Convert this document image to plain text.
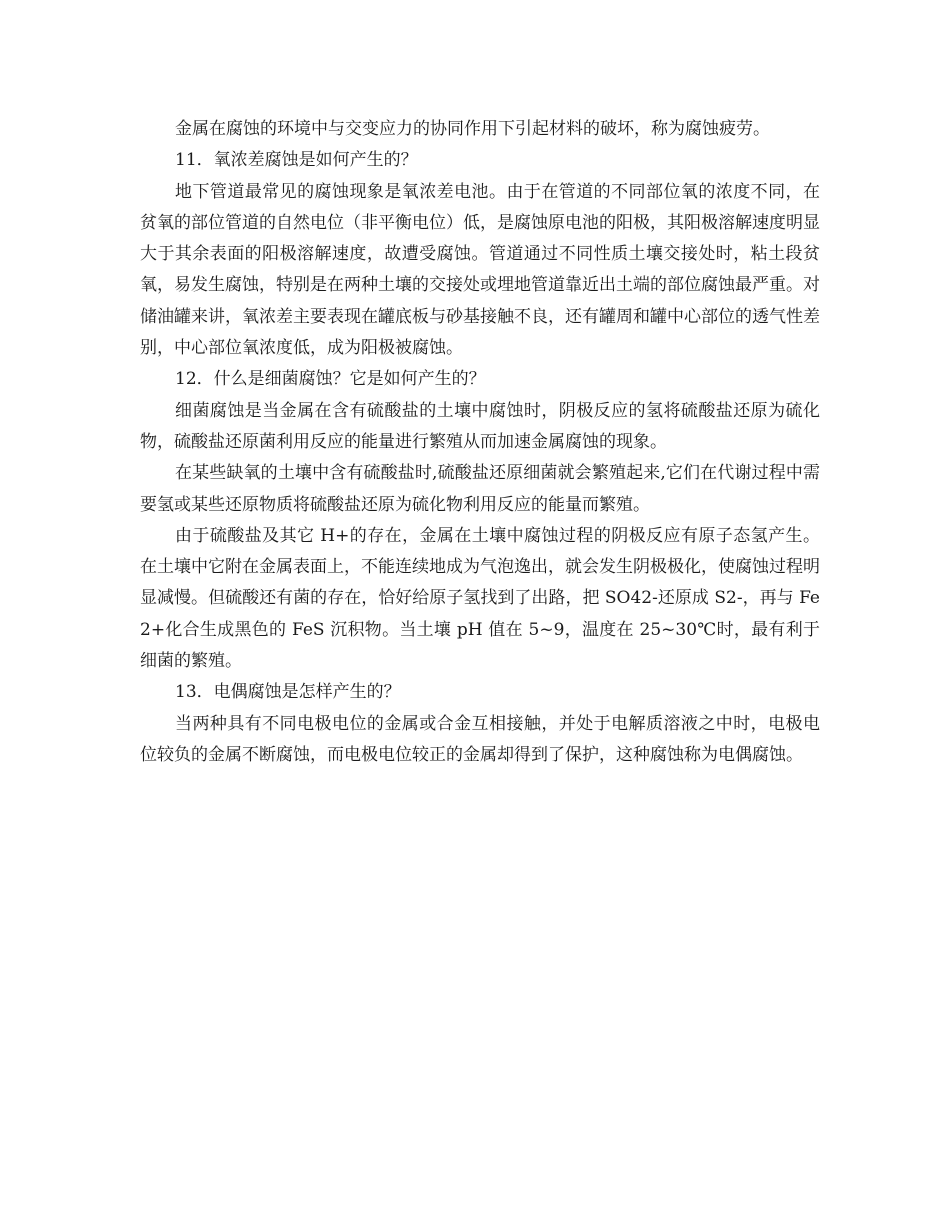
金属在腐蚀的环境中与交变应力的协同作用下引起材料的破坏，称为腐蚀疲劳。

11．氧浓差腐蚀是如何产生的？

地下管道最常见的腐蚀现象是氧浓差电池。由于在管道的不同部位氧的浓度不同，在贫氧的部位管道的自然电位（非平衡电位）低，是腐蚀原电池的阳极，其阳极溶解速度明显大于其余表面的阳极溶解速度，故遭受腐蚀。管道通过不同性质土壤交接处时，粘土段贫氧，易发生腐蚀，特别是在两种土壤的交接处或埋地管道靠近出土端的部位腐蚀最严重。对储油罐来讲，氧浓差主要表现在罐底板与砂基接触不良，还有罐周和罐中心部位的透气性差别，中心部位氧浓度低，成为阳极被腐蚀。

12．什么是细菌腐蚀？它是如何产生的？

细菌腐蚀是当金属在含有硫酸盐的土壤中腐蚀时，阴极反应的氢将硫酸盐还原为硫化物，硫酸盐还原菌利用反应的能量进行繁殖从而加速金属腐蚀的现象。

在某些缺氧的土壤中含有硫酸盐时,硫酸盐还原细菌就会繁殖起来,它们在代谢过程中需要氢或某些还原物质将硫酸盐还原为硫化物利用反应的能量而繁殖。

由于硫酸盐及其它 H+的存在，金属在土壤中腐蚀过程的阴极反应有原子态氢产生。在土壤中它附在金属表面上，不能连续地成为气泡逸出，就会发生阴极极化，使腐蚀过程明显减慢。但硫酸还有菌的存在，恰好给原子氢找到了出路，把 SO42-还原成 S2-，再与 Fe2+化合生成黑色的 FeS 沉积物。当土壤 pH 值在 5~9，温度在 25~30℃时，最有利于细菌的繁殖。

13．电偶腐蚀是怎样产生的？

当两种具有不同电极电位的金属或合金互相接触，并处于电解质溶液之中时，电极电位较负的金属不断腐蚀，而电极电位较正的金属却得到了保护，这种腐蚀称为电偶腐蚀。
